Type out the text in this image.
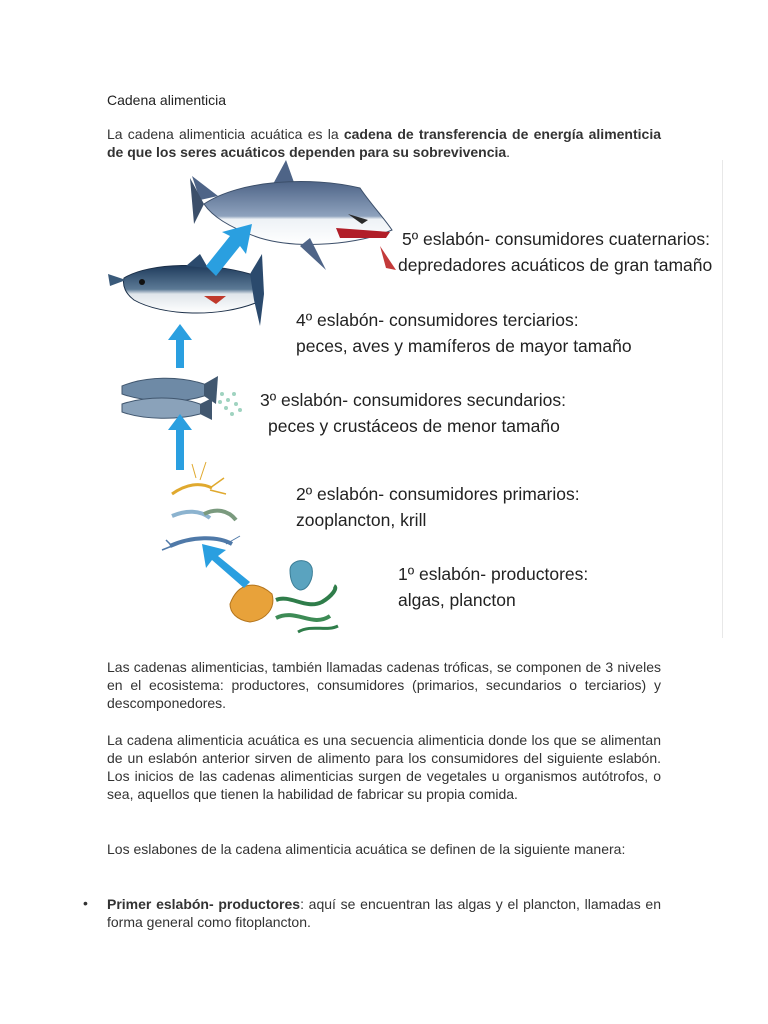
Cadena alimenticia
La cadena alimenticia acuática es la cadena de transferencia de energía alimenticia de que los seres acuáticos dependen para su sobrevivencia.
5º eslabón- consumidores cuaternarios:
depredadores acuáticos de gran tamaño
4º eslabón- consumidores terciarios:
peces, aves y mamíferos de mayor tamaño
3º eslabón- consumidores secundarios:
peces y crustáceos de menor tamaño
2º eslabón- consumidores primarios:
zooplancton, krill
1º eslabón- productores:
algas, plancton

Las cadenas alimenticias, también llamadas cadenas tróficas, se componen de 3 niveles en el ecosistema: productores, consumidores (primarios, secundarios o terciarios) y descomponedores.

La cadena alimenticia acuática es una secuencia alimenticia donde los que se alimentan de un eslabón anterior sirven de alimento para los consumidores del siguiente eslabón. Los inicios de las cadenas alimenticias surgen de vegetales u organismos autótrofos, o sea, aquellos que tienen la habilidad de fabricar su propia comida.

Los eslabones de la cadena alimenticia acuática se definen de la siguiente manera:

• Primer eslabón- productores: aquí se encuentran las algas y el plancton, llamadas en forma general como fitoplancton.
